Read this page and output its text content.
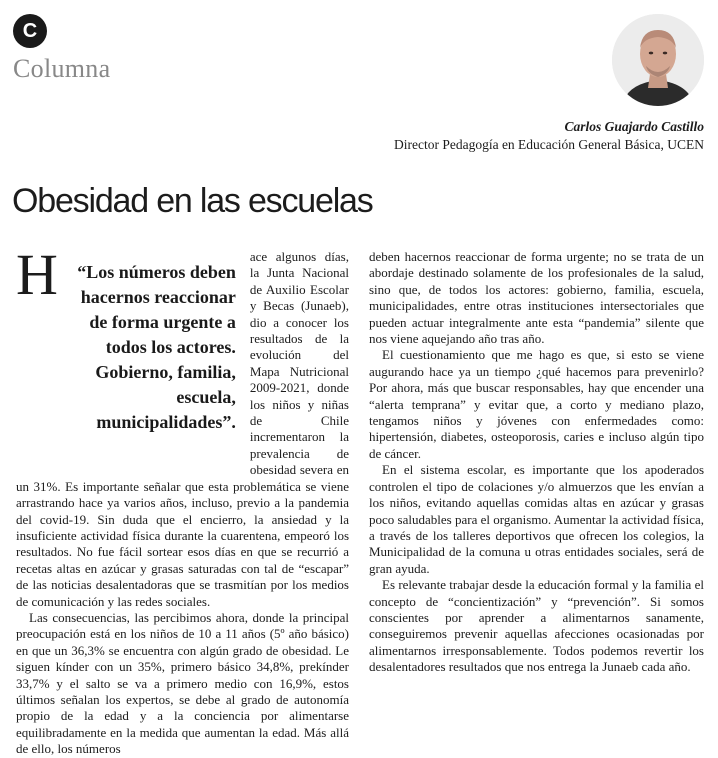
C
Columna
Carlos Guajardo Castillo
Director Pedagogía en Educación General Básica, UCEN
Obesidad en las escuelas

H	“Los números deben hacernos reaccionar de forma urgente a todos los actores. Gobierno, familia, escuela, municipalidades”.
ace algunos días, la Junta Nacional de Auxilio Escolar y Becas (Junaeb), dio a conocer los resultados de la evolución del Mapa Nutricional 2009-2021, donde los niños y niñas de Chile incrementaron la prevalencia de obesidad severa en un 31%. Es importante señalar que esta problemática se viene arrastrando hace ya varios años, incluso, previo a la pandemia del covid-19. Sin duda que el encierro, la ansiedad y la insuficiente actividad física durante la cuarentena, empeoró los resultados. No fue fácil sortear esos días en que se recurrió a recetas altas en azúcar y grasas saturadas con tal de “escapar” de las noticias desalentadoras que se trasmitían por los medios de comunicación y las redes sociales.

Las consecuencias, las percibimos ahora, donde la principal preocupación está en los niños de 10 a 11 años (5º año básico) en que un 36,3% se encuentra con algún grado de obesidad. Le siguen kínder con un 35%, primero básico 34,8%, prekínder 33,7% y el salto se va a primero medio con 16,9%, estos últimos señalan los expertos, se debe al grado de autonomía propio de la edad y a la conciencia por alimentarse equilibradamente en la medida que aumentan la edad. Más allá de ello, los números

deben hacernos reaccionar de forma urgente; no se trata de un abordaje destinado solamente de los profesionales de la salud, sino que, de todos los actores: gobierno, familia, escuela, municipalidades, entre otras instituciones intersectoriales que pueden actuar integralmente ante esta “pandemia” silente que nos viene aquejando año tras año.

El cuestionamiento que me hago es que, si esto se viene augurando hace ya un tiempo ¿qué hacemos para prevenirlo? Por ahora, más que buscar responsables, hay que encender una “alerta temprana” y evitar que, a corto y mediano plazo, tengamos niños y jóvenes con enfermedades como: hipertensión, diabetes, osteoporosis, caries e incluso algún tipo de cáncer.

En el sistema escolar, es importante que los apoderados controlen el tipo de colaciones y/o almuerzos que les envían a los niños, evitando aquellas comidas altas en azúcar y grasas poco saludables para el organismo. Aumentar la actividad física, a través de los talleres deportivos que ofrecen los colegios, la Municipalidad de la comuna u otras entidades sociales, será de gran ayuda.

Es relevante trabajar desde la educación formal y la familia el concepto de “concientización” y “prevención”. Si somos conscientes por aprender a alimentarnos sanamente, conseguiremos prevenir aquellas afecciones ocasionadas por alimentarnos irresponsablemente. Todos podemos revertir los desalentadores resultados que nos entrega la Junaeb cada año.
